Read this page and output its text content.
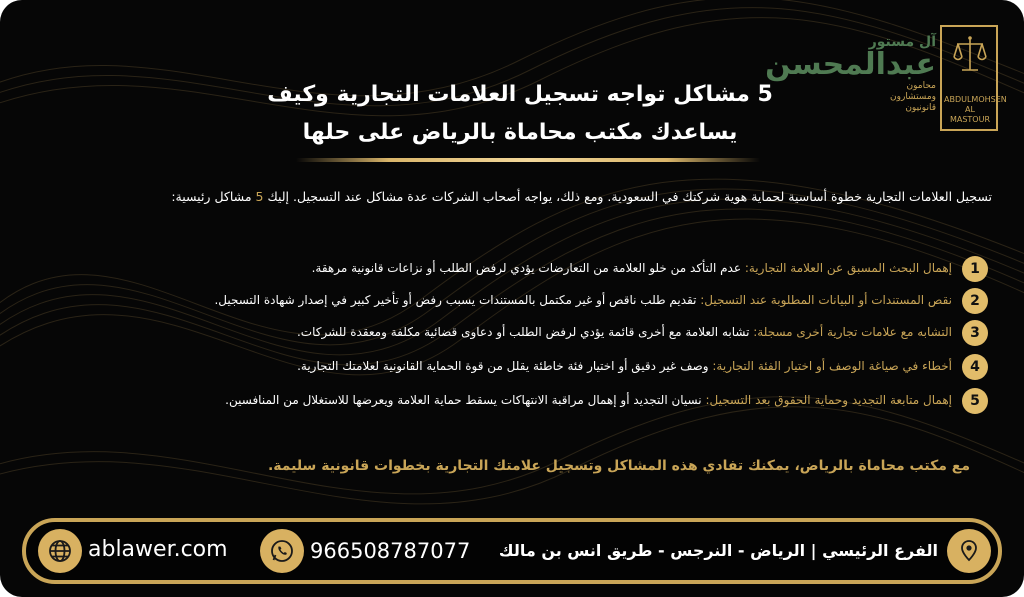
آل مستور
عبدالمحسن
محامون
ومستشارون
قانونيون
ABDULMOHSEN
AL MASTOUR
5 مشاكل تواجه تسجيل العلامات التجارية وكيف
يساعدك مكتب محاماة بالرياض على حلها

تسجيل العلامات التجارية خطوة أساسية لحماية هوية شركتك في السعودية. ومع ذلك، يواجه أصحاب الشركات عدة مشاكل عند التسجيل. إليك 5 مشاكل رئيسية:

1
إهمال البحث المسبق عن العلامة التجارية: عدم التأكد من خلو العلامة من التعارضات يؤدي لرفض الطلب أو نزاعات قانونية مرهقة.
2
نقص المستندات أو البيانات المطلوبة عند التسجيل: تقديم طلب ناقص أو غير مكتمل بالمستندات يسبب رفض أو تأخير كبير في إصدار شهادة التسجيل.
3
التشابه مع علامات تجارية أخرى مسجلة: تشابه العلامة مع أخرى قائمة يؤدي لرفض الطلب أو دعاوى قضائية مكلفة ومعقدة للشركات.
4
أخطاء في صياغة الوصف أو اختيار الفئة التجارية: وصف غير دقيق أو اختيار فئة خاطئة يقلل من قوة الحماية القانونية لعلامتك التجارية.
5
إهمال متابعة التجديد وحماية الحقوق بعد التسجيل: نسيان التجديد أو إهمال مراقبة الانتهاكات يسقط حماية العلامة ويعرضها للاستغلال من المنافسين.

مع مكتب محاماة بالرياض، يمكنك تفادي هذه المشاكل وتسجيل علامتك التجارية بخطوات قانونية سليمة.

ablawer.com	966508787077 الفرع الرئيسي | الرياض - النرجس - طريق انس بن مالك
